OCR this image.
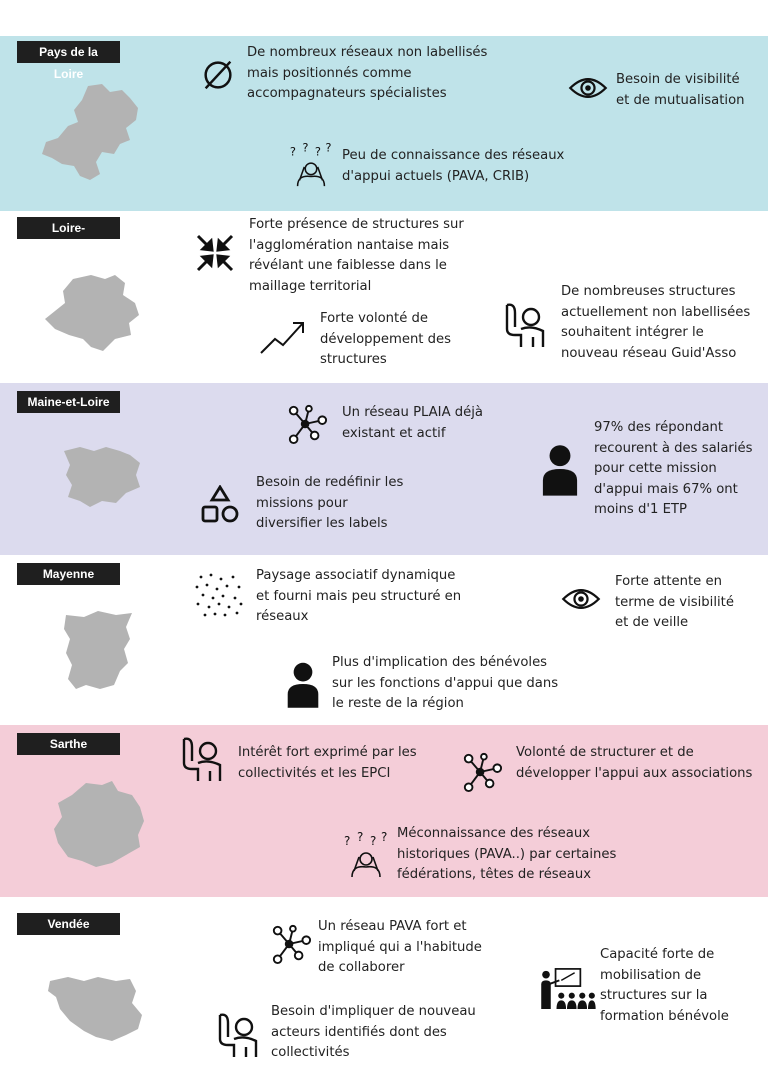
Pays de la Loire
De nombreux réseaux non labellisés
mais positionnés comme
accompagnateurs spécialistes
Besoin de visibilité
et de mutualisation
Peu de connaissance des réseaux
d'appui actuels (PAVA, CRIB)
Loire-Atlantique
Forte présence de structures sur
l'agglomération nantaise mais
révélant une faiblesse dans le
maillage territorial
Forte volonté de
développement des
structures
De nombreuses structures
actuellement non labellisées
souhaitent intégrer le
nouveau réseau Guid'Asso
Maine-et-Loire
Un réseau PLAIA déjà
existant et actif
Besoin de redéfinir les
missions pour
diversifier les labels
97% des répondant
recourent à des salariés
pour cette mission
d'appui mais 67% ont
moins d'1 ETP
Mayenne	Paysage associatif dynamique
et fourni mais peu structuré en
réseaux
Forte attente en
terme de visibilité
et de veille
Plus d'implication des bénévoles
sur les fonctions d'appui que dans
le reste de la région
Sarthe
Intérêt fort exprimé par les
collectivités et les EPCI
Volonté de structurer et de
développer l'appui aux associations
Méconnaissance des réseaux
historiques (PAVA..) par certaines
fédérations, têtes de réseaux
Vendée	Un réseau PAVA fort et
impliqué qui a l'habitude
de collaborer
Capacité forte de
mobilisation de
structures sur la
formation bénévole
Besoin d'impliquer de nouveau
acteurs identifiés dont des
collectivités
